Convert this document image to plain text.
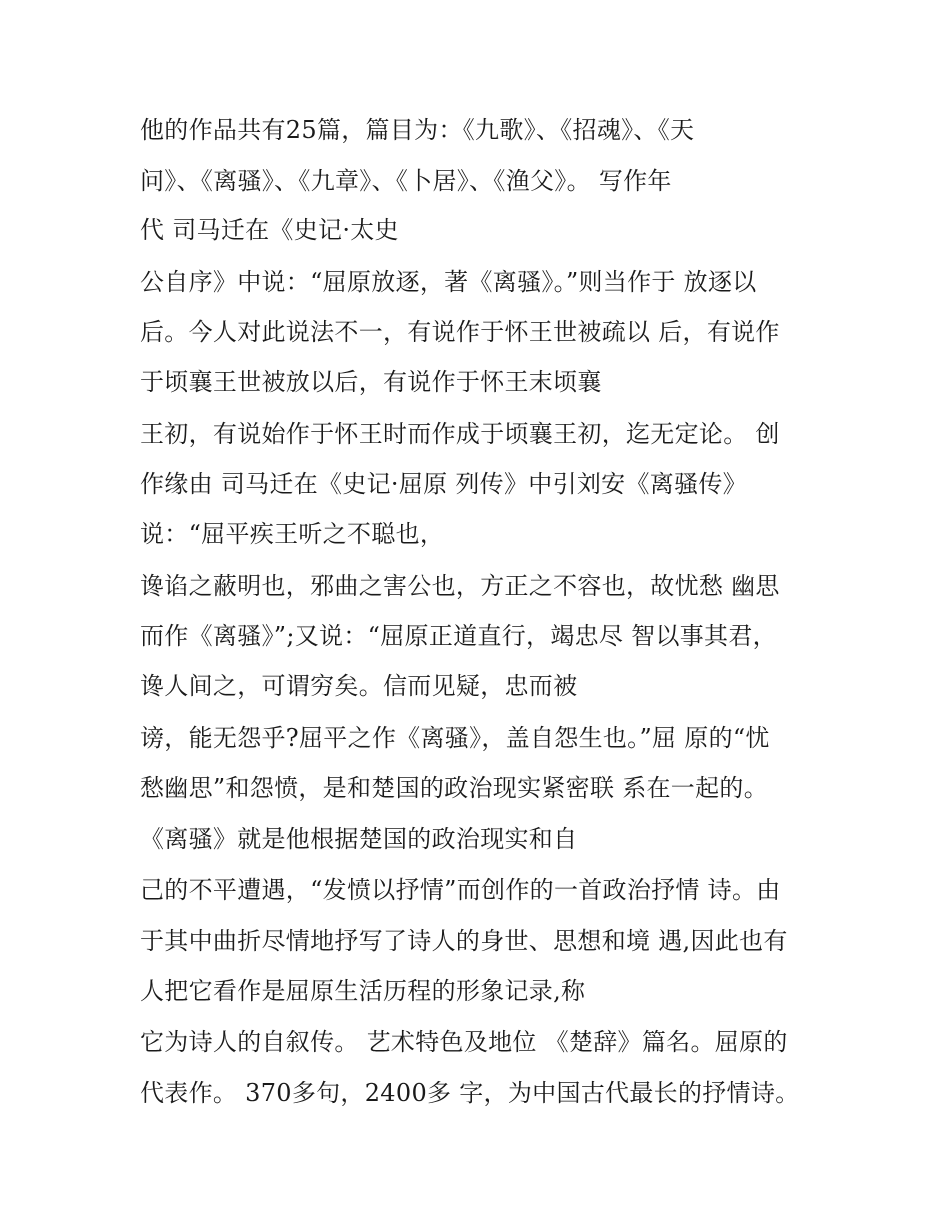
他的作品共有25篇，篇目为：《九歌》、《招魂》、《天

问》、《离骚》、《九章》、《卜居》、《渔父》。 写作年

代 司马迁在《史记·太史

公自序》中说：“屈原放逐，著《离骚》。”则当作于 放逐以

后。今人对此说法不一，有说作于怀王世被疏以 后，有说作

于顷襄王世被放以后，有说作于怀王末顷襄

王初，有说始作于怀王时而作成于顷襄王初，迄无定论。 创

作缘由 司马迁在《史记·屈原 列传》中引刘安《离骚传》

说：“屈平疾王听之不聪也，

谗谄之蔽明也，邪曲之害公也，方正之不容也，故忧愁 幽思

而作《离骚》”;又说：“屈原正道直行，竭忠尽 智以事其君，

谗人间之，可谓穷矣。信而见疑，忠而被

谤，能无怨乎?屈平之作《离骚》，盖自怨生也。”屈 原的“忧

愁幽思”和怨愤，是和楚国的政治现实紧密联 系在一起的。

《离骚》就是他根据楚国的政治现实和自

己的不平遭遇，“发愤以抒情”而创作的一首政治抒情 诗。由

于其中曲折尽情地抒写了诗人的身世、思想和境 遇,因此也有

人把它看作是屈原生活历程的形象记录,称

它为诗人的自叙传。 艺术特色及地位 《楚辞》篇名。屈原的

代表作。 370多句，2400多 字，为中国古代最长的抒情诗。
